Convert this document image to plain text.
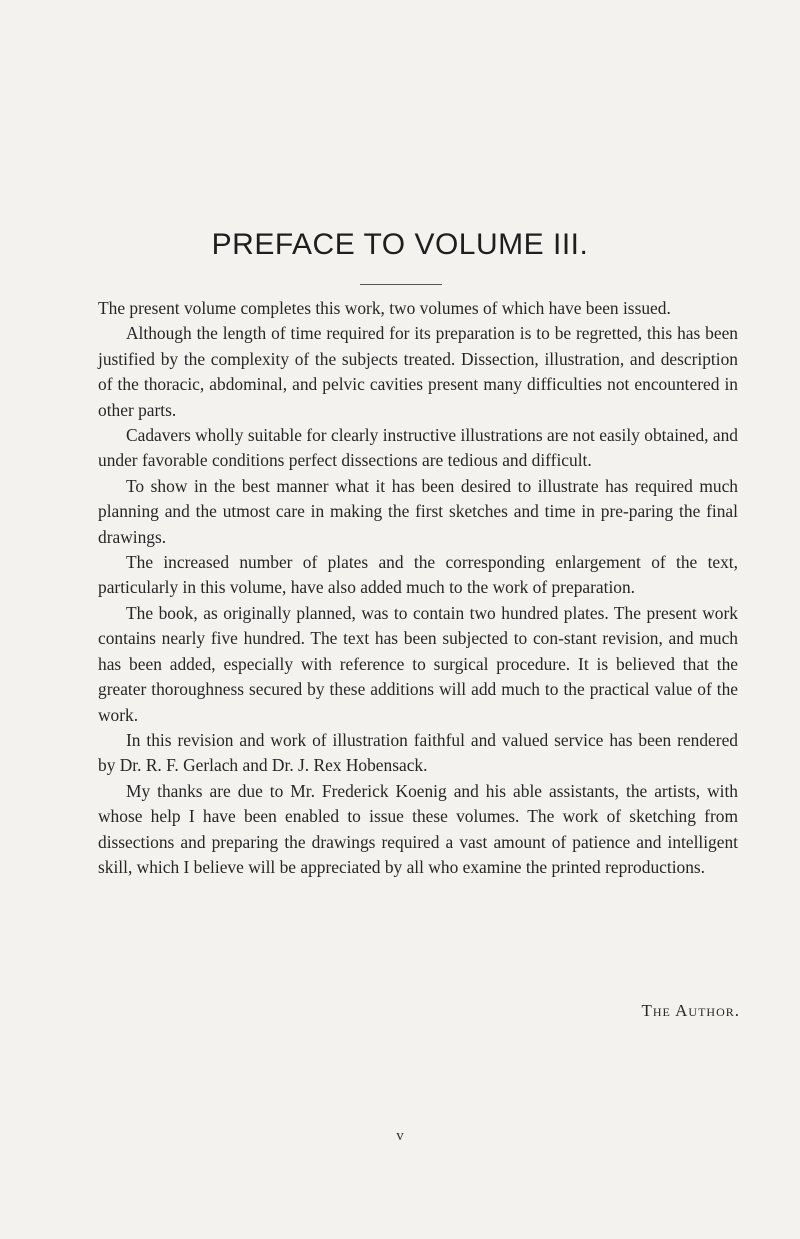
PREFACE TO VOLUME III.

The present volume completes this work, two volumes of which have been issued.

Although the length of time required for its preparation is to be regretted, this has been justified by the complexity of the subjects treated. Dissection, illustration, and description of the thoracic, abdominal, and pelvic cavities present many difficulties not encountered in other parts.

Cadavers wholly suitable for clearly instructive illustrations are not easily obtained, and under favorable conditions perfect dissections are tedious and difficult.

To show in the best manner what it has been desired to illustrate has required much planning and the utmost care in making the first sketches and time in pre-paring the final drawings.

The increased number of plates and the corresponding enlargement of the text, particularly in this volume, have also added much to the work of preparation.

The book, as originally planned, was to contain two hundred plates. The present work contains nearly five hundred. The text has been subjected to con-stant revision, and much has been added, especially with reference to surgical procedure. It is believed that the greater thoroughness secured by these additions will add much to the practical value of the work.

In this revision and work of illustration faithful and valued service has been rendered by Dr. R. F. Gerlach and Dr. J. Rex Hobensack.

My thanks are due to Mr. Frederick Koenig and his able assistants, the artists, with whose help I have been enabled to issue these volumes. The work of sketching from dissections and preparing the drawings required a vast amount of patience and intelligent skill, which I believe will be appreciated by all who examine the printed reproductions.

The Author.
v
